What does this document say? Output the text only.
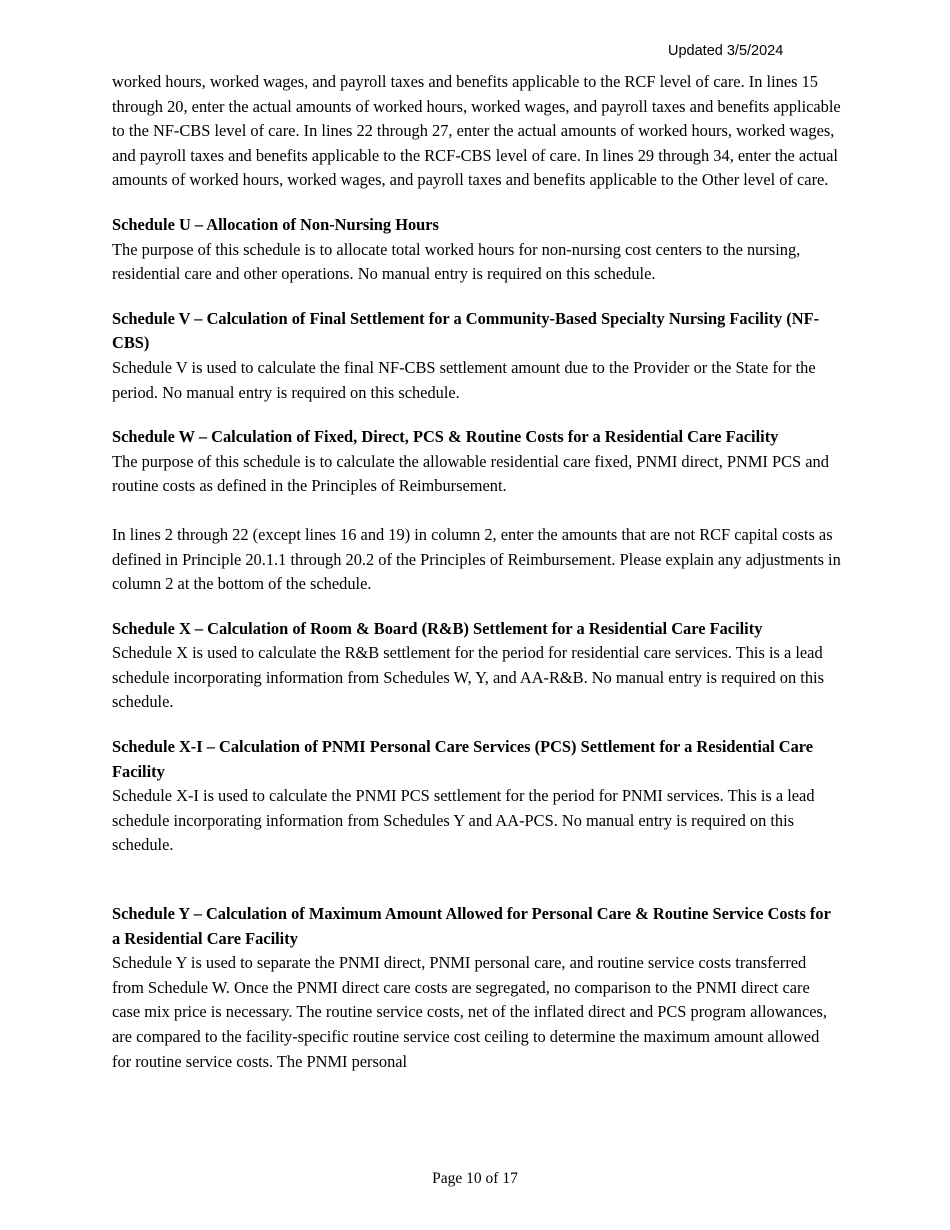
Updated 3/5/2024

worked hours, worked wages, and payroll taxes and benefits applicable to the RCF level of care. In lines 15 through 20, enter the actual amounts of worked hours, worked wages, and payroll taxes and benefits applicable to the NF-CBS level of care. In lines 22 through 27, enter the actual amounts of worked hours, worked wages, and payroll taxes and benefits applicable to the RCF-CBS level of care. In lines 29 through 34, enter the actual amounts of worked hours, worked wages, and payroll taxes and benefits applicable to the Other level of care.

Schedule U – Allocation of Non-Nursing Hours

The purpose of this schedule is to allocate total worked hours for non-nursing cost centers to the nursing, residential care and other operations. No manual entry is required on this schedule.

Schedule V – Calculation of Final Settlement for a Community-Based Specialty Nursing Facility (NF-CBS)

Schedule V is used to calculate the final NF-CBS settlement amount due to the Provider or the State for the period. No manual entry is required on this schedule.

Schedule W – Calculation of Fixed, Direct, PCS & Routine Costs for a Residential Care Facility

The purpose of this schedule is to calculate the allowable residential care fixed, PNMI direct, PNMI PCS and routine costs as defined in the Principles of Reimbursement.

In lines 2 through 22 (except lines 16 and 19) in column 2, enter the amounts that are not RCF capital costs as defined in Principle 20.1.1 through 20.2 of the Principles of Reimbursement. Please explain any adjustments in column 2 at the bottom of the schedule.

Schedule X – Calculation of Room & Board (R&B) Settlement for a Residential Care Facility

Schedule X is used to calculate the R&B settlement for the period for residential care services. This is a lead schedule incorporating information from Schedules W, Y, and AA-R&B. No manual entry is required on this schedule.

Schedule X-I – Calculation of PNMI Personal Care Services (PCS) Settlement for a Residential Care Facility

Schedule X-I is used to calculate the PNMI PCS settlement for the period for PNMI services. This is a lead schedule incorporating information from Schedules Y and AA-PCS. No manual entry is required on this schedule.

Schedule Y – Calculation of Maximum Amount Allowed for Personal Care & Routine Service Costs for a Residential Care Facility

Schedule Y is used to separate the PNMI direct, PNMI personal care, and routine service costs transferred from Schedule W. Once the PNMI direct care costs are segregated, no comparison to the PNMI direct care case mix price is necessary. The routine service costs, net of the inflated direct and PCS program allowances, are compared to the facility-specific routine service cost ceiling to determine the maximum amount allowed for routine service costs. The PNMI personal

Page 10 of 17
